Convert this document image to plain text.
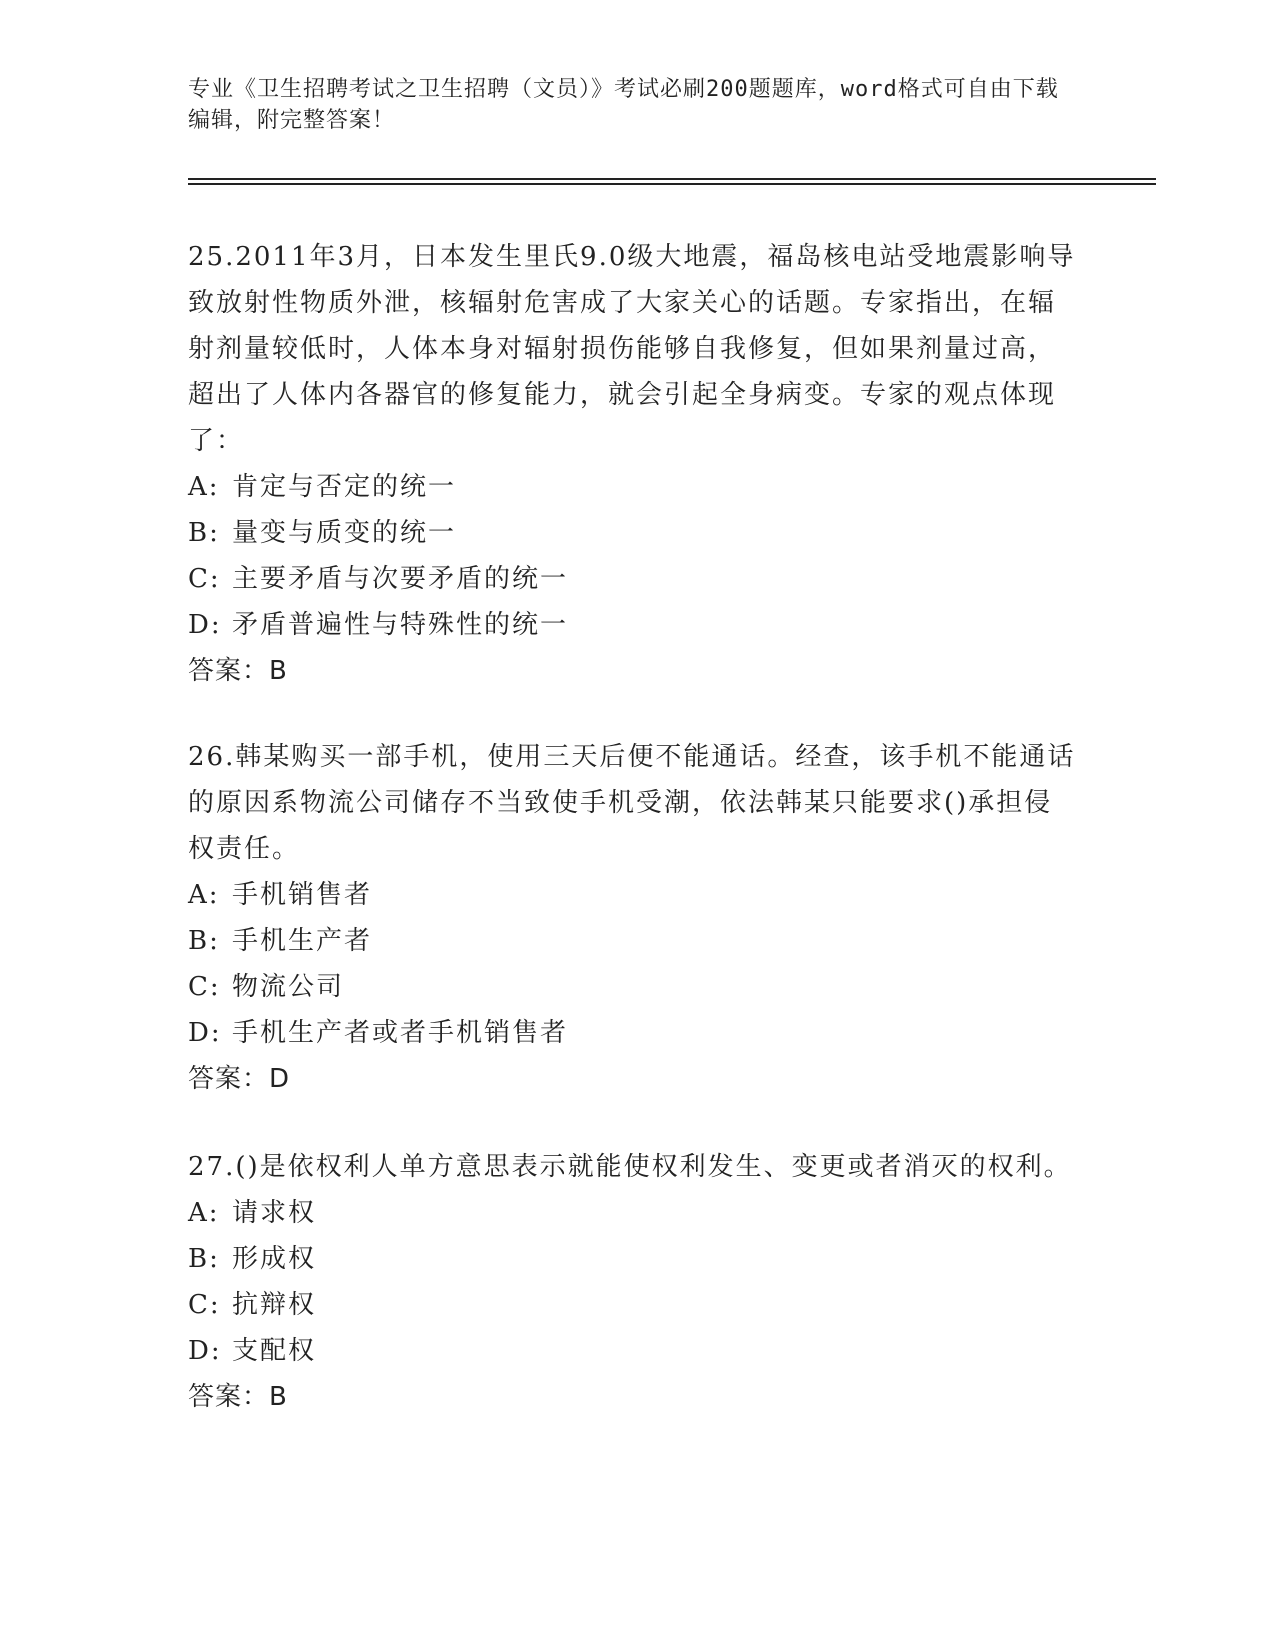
专业《卫生招聘考试之卫生招聘（文员）》考试必刷200题题库，word格式可自由下载编辑，附完整答案！

25.2011年3月，日本发生里氏9.0级大地震，福岛核电站受地震影响导致放射性物质外泄，核辐射危害成了大家关心的话题。专家指出，在辐射剂量较低时，人体本身对辐射损伤能够自我修复，但如果剂量过高，超出了人体内各器官的修复能力，就会引起全身病变。专家的观点体现了：

A: 肯定与否定的统一

B: 量变与质变的统一

C: 主要矛盾与次要矛盾的统一

D: 矛盾普遍性与特殊性的统一

答案：B

26.韩某购买一部手机，使用三天后便不能通话。经查，该手机不能通话的原因系物流公司储存不当致使手机受潮，依法韩某只能要求()承担侵权责任。

A: 手机销售者

B: 手机生产者

C: 物流公司

D: 手机生产者或者手机销售者

答案：D

27.()是依权利人单方意思表示就能使权利发生、变更或者消灭的权利。

A: 请求权

B: 形成权

C: 抗辩权

D: 支配权

答案：B
